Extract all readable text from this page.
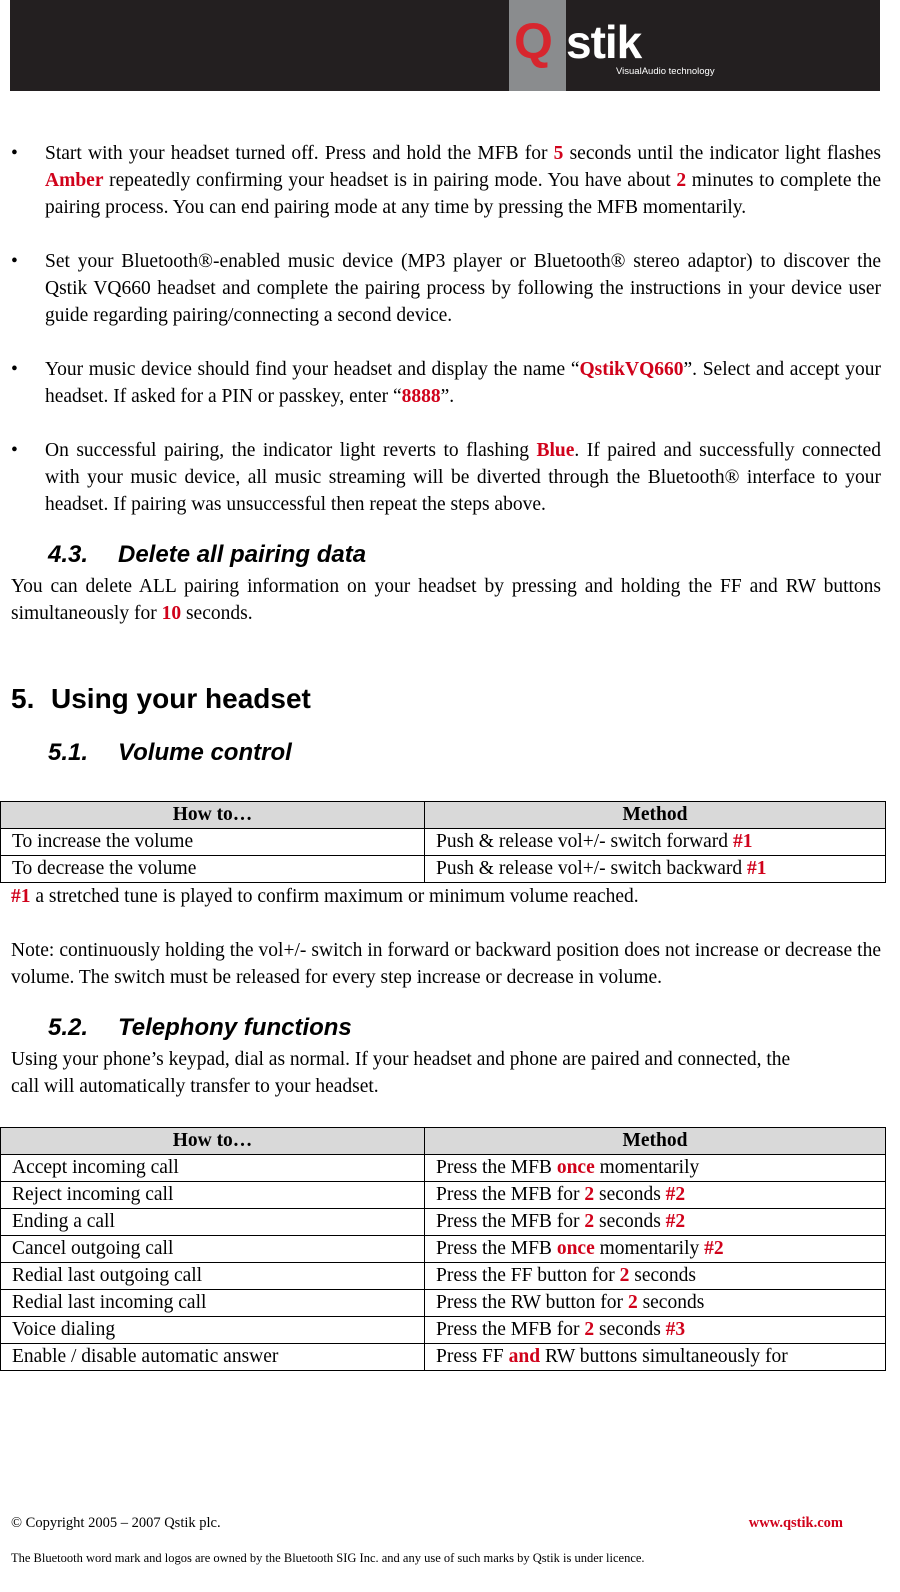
Q stik
VisualAudio technology
• Start with your headset turned off. Press and hold the MFB for 5 seconds until the indicator light flashes Amber repeatedly confirming your headset is in pairing mode. You have about 2 minutes to complete the pairing process. You can end pairing mode at any time by pressing the MFB momentarily.
• Set your Bluetooth®-enabled music device (MP3 player or Bluetooth® stereo adaptor) to discover the Qstik VQ660 headset and complete the pairing process by following the instructions in your device user guide regarding pairing/connecting a second device.
• Your music device should find your headset and display the name “QstikVQ660”. Select and accept your headset. If asked for a PIN or passkey, enter “8888”.
• On successful pairing, the indicator light reverts to flashing Blue. If paired and successfully connected with your music device, all music streaming will be diverted through the Bluetooth® interface to your headset. If pairing was unsuccessful then repeat the steps above.
4.3. Delete all pairing data

You can delete ALL pairing information on your headset by pressing and holding the FF and RW buttons simultaneously for 10 seconds.

5. Using your headset
5.1. Volume control
How to…	Method
To increase the volume	Push & release vol+/- switch forward #1
To decrease the volume	Push & release vol+/- switch backward #1

#1 a stretched tune is played to confirm maximum or minimum volume reached.

Note: continuously holding the vol+/- switch in forward or backward position does not increase or decrease the volume. The switch must be released for every step increase or decrease in volume.

5.2. Telephony functions

Using your phone’s keypad, dial as normal. If your headset and phone are paired and connected, the call will automatically transfer to your headset.

How to…	Method
Accept incoming call	Press the MFB once momentarily
Reject incoming call	Press the MFB for 2 seconds #2
Ending a call	Press the MFB for 2 seconds #2
Cancel outgoing call	Press the MFB once momentarily #2
Redial last outgoing call	Press the FF button for 2 seconds
Redial last incoming call	Press the RW button for 2 seconds
Voice dialing	Press the MFB for 2 seconds #3
Enable / disable automatic answer	Press FF and RW buttons simultaneously for
© Copyright 2005 – 2007 Qstik plc.	www.qstik.com
The Bluetooth word mark and logos are owned by the Bluetooth SIG Inc. and any use of such marks by Qstik is under licence.
